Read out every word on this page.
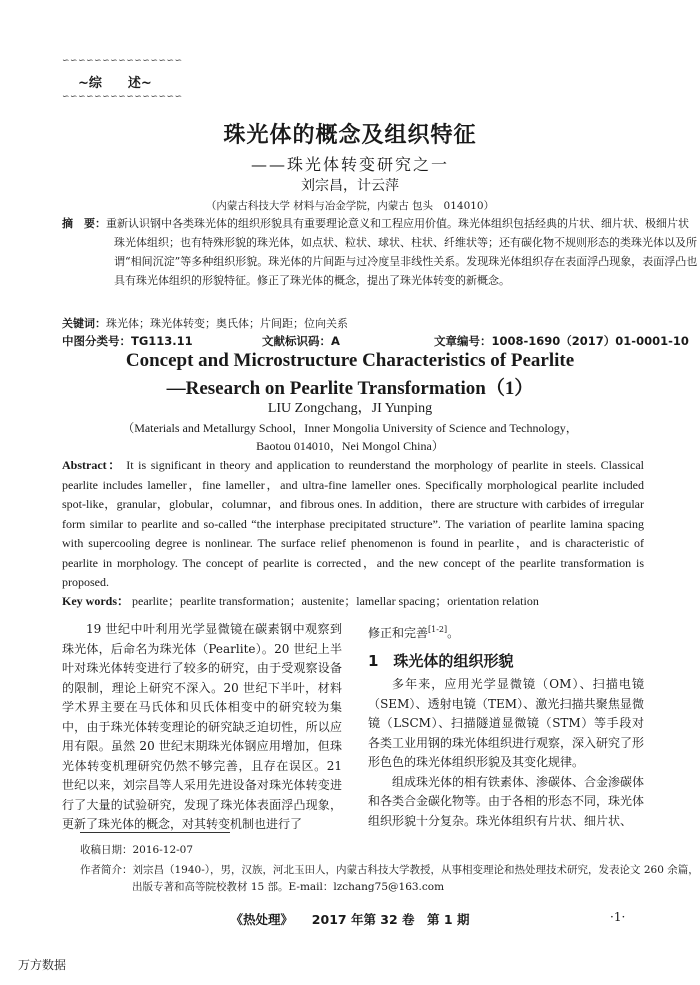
∽∽∽∽∽∽∽∽∽∽∽∽∽∽∽
~综　　述~
∽∽∽∽∽∽∽∽∽∽∽∽∽∽∽
珠光体的概念及组织特征
——珠光体转变研究之一
刘宗昌，计云萍
（内蒙古科技大学 材料与冶金学院，内蒙古 包头　014010）
摘　要：重新认识钢中各类珠光体的组织形貌具有重要理论意义和工程应用价值。珠光体组织包括经典的片状、细片状、极细片状珠光体组织；也有特殊形貌的珠光体，如点状、粒状、球状、柱状、纤维状等；还有碳化物不规则形态的类珠光体以及所谓“相间沉淀”等多种组织形貌。珠光体的片间距与过冷度呈非线性关系。发现珠光体组织存在表面浮凸现象，表面浮凸也具有珠光体组织的形貌特征。修正了珠光体的概念，提出了珠光体转变的新概念。
关键词：珠光体；珠光体转变；奥氏体；片间距；位向关系
中图分类号：TG113.11	文献标识码：A	文章编号：1008-1690（2017）01-0001-10
Concept and Microstructure Characteristics of Pearlite
—Research on Pearlite Transformation（1）
LIU Zongchang，JI Yunping
（Materials and Metallurgy School，Inner Mongolia University of Science and Technology，
Baotou 014010，Nei Mongol China）
Abstract： It is significant in theory and application to reunderstand the morphology of pearlite in steels. Classical pearlite includes lameller，fine lameller，and ultra-fine lameller ones. Specifically morphological pearlite included spot-like，granular，globular，columnar，and fibrous ones. In addition，there are structure with carbides of irregular form similar to pearlite and so-called “the interphase precipitated structure”. The variation of pearlite lamina spacing with supercooling degree is nonlinear. The surface relief phenomenon is found in pearlite，and is characteristic of pearlite in morphology. The concept of pearlite is corrected，and the new concept of the pearlite transformation is proposed.
Key words： pearlite；pearlite transformation；austenite；lamellar spacing；orientation relation

19 世纪中叶利用光学显微镜在碳素钢中观察到珠光体，后命名为珠光体（Pearlite）。20 世纪上半叶对珠光体转变进行了较多的研究，由于受观察设备的限制，理论上研究不深入。20 世纪下半叶，材料学术界主要在马氏体和贝氏体相变中的研究较为集中，由于珠光体转变理论的研究缺乏迫切性，所以应用有限。虽然 20 世纪末期珠光体钢应用增加，但珠光体转变机理研究仍然不够完善，且存在误区。21 世纪以来，刘宗昌等人采用先进设备对珠光体转变进行了大量的试验研究，发现了珠光体表面浮凸现象，更新了珠光体的概念，对其转变机制也进行了

修正和完善[1-2]。
1　珠光体的组织形貌

多年来，应用光学显微镜（OM）、扫描电镜（SEM）、透射电镜（TEM）、激光扫描共聚焦显微镜（LSCM）、扫描隧道显微镜（STM）等手段对各类工业用钢的珠光体组织进行观察，深入研究了形形色色的珠光体组织形貌及其变化规律。

组成珠光体的相有铁素体、渗碳体、合金渗碳体和各类合金碳化物等。由于各相的形态不同，珠光体组织形貌十分复杂。珠光体组织有片状、细片状、

收稿日期：2016-12-07
作者简介：刘宗昌（1940-），男，汉族，河北玉田人，内蒙古科技大学教授，从事相变理论和热处理技术研究，发表论文 260 余篇，出版专著和高等院校教材 15 部。E-mail：lzchang75@163.com
《热处理》　　2017 年第 32 卷　第 1 期	·1·
万方数据
